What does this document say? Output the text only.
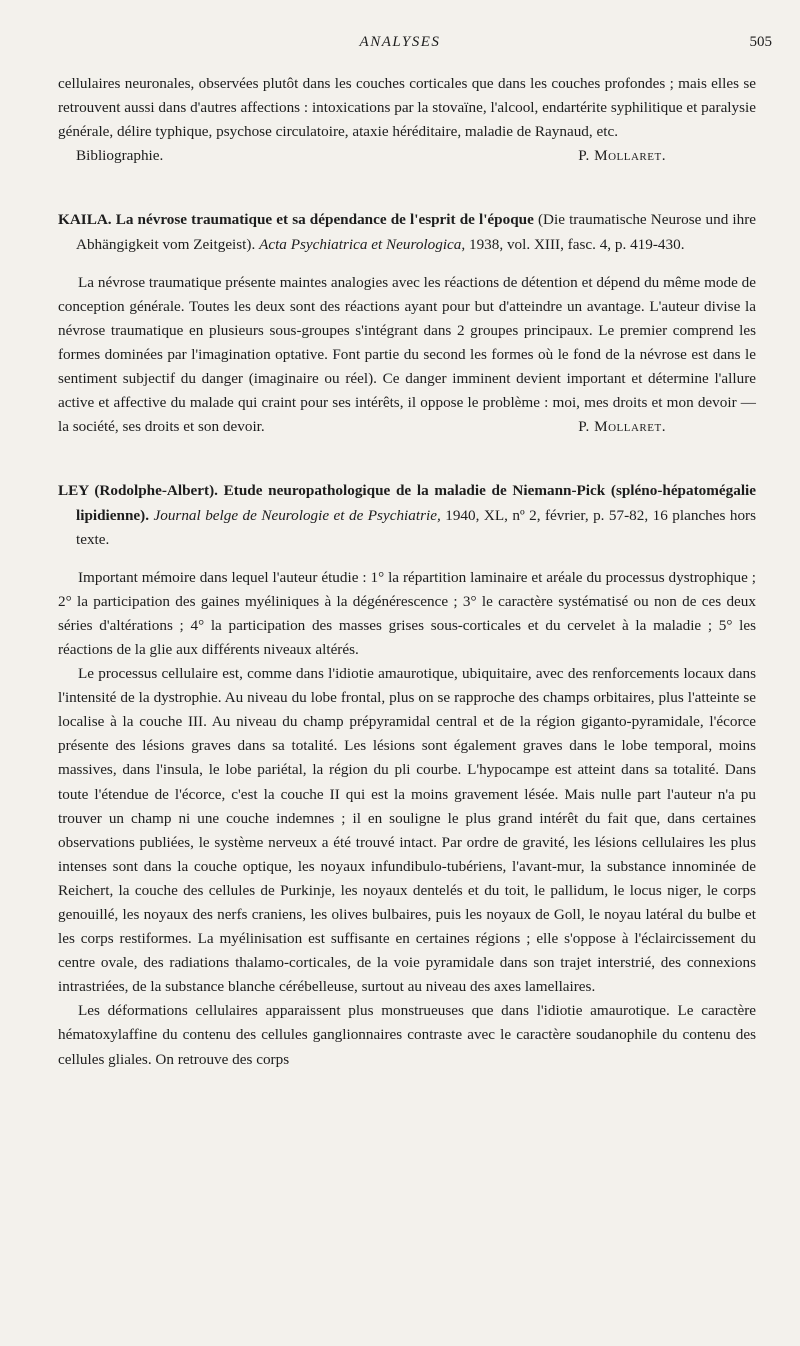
ANALYSES	505

cellulaires neuronales, observées plutôt dans les couches corticales que dans les couches profondes ; mais elles se retrouvent aussi dans d'autres affections : intoxications par la stovaïne, l'alcool, endartérite syphilitique et paralysie générale, délire typhique, psychose circulatoire, ataxie héréditaire, maladie de Raynaud, etc.

Bibliographie.	P. Mollaret.

KAILA. La névrose traumatique et sa dépendance de l'esprit de l'époque (Die traumatische Neurose und ihre Abhängigkeit vom Zeitgeist). Acta Psychiatrica et Neurologica, 1938, vol. XIII, fasc. 4, p. 419-430.

La névrose traumatique présente maintes analogies avec les réactions de détention et dépend du même mode de conception générale. Toutes les deux sont des réactions ayant pour but d'atteindre un avantage. L'auteur divise la névrose traumatique en plusieurs sous-groupes s'intégrant dans 2 groupes principaux. Le premier comprend les formes dominées par l'imagination optative. Font partie du second les formes où le fond de la névrose est dans le sentiment subjectif du danger (imaginaire ou réel). Ce danger imminent devient important et détermine l'allure active et affective du malade qui craint pour ses intérêts, il oppose le problème : moi, mes droits et mon devoir — la société, ses droits et son devoir.	P. Mollaret.

LEY (Rodolphe-Albert). Etude neuropathologique de la maladie de Niemann-Pick (spléno-hépatomégalie lipidienne). Journal belge de Neurologie et de Psychiatrie, 1940, XL, nº 2, février, p. 57-82, 16 planches hors texte.

Important mémoire dans lequel l'auteur étudie : 1° la répartition laminaire et aréale du processus dystrophique ; 2° la participation des gaines myéliniques à la dégénérescence ; 3° le caractère systématisé ou non de ces deux séries d'altérations ; 4° la participation des masses grises sous-corticales et du cervelet à la maladie ; 5° les réactions de la glie aux différents niveaux altérés.

Le processus cellulaire est, comme dans l'idiotie amaurotique, ubiquitaire, avec des renforcements locaux dans l'intensité de la dystrophie. Au niveau du lobe frontal, plus on se rapproche des champs orbitaires, plus l'atteinte se localise à la couche III. Au niveau du champ prépyramidal central et de la région giganto-pyramidale, l'écorce présente des lésions graves dans sa totalité. Les lésions sont également graves dans le lobe temporal, moins massives, dans l'insula, le lobe pariétal, la région du pli courbe. L'hypocampe est atteint dans sa totalité. Dans toute l'étendue de l'écorce, c'est la couche II qui est la moins gravement lésée. Mais nulle part l'auteur n'a pu trouver un champ ni une couche indemnes ; il en souligne le plus grand intérêt du fait que, dans certaines observations publiées, le système nerveux a été trouvé intact. Par ordre de gravité, les lésions cellulaires les plus intenses sont dans la couche optique, les noyaux infundibulo-tubériens, l'avant-mur, la substance innominée de Reichert, la couche des cellules de Purkinje, les noyaux dentelés et du toit, le pallidum, le locus niger, le corps genouillé, les noyaux des nerfs craniens, les olives bulbaires, puis les noyaux de Goll, le noyau latéral du bulbe et les corps restiformes. La myélinisation est suffisante en certaines régions ; elle s'oppose à l'éclaircissement du centre ovale, des radiations thalamo-corticales, de la voie pyramidale dans son trajet interstrié, des connexions intrastriées, de la substance blanche cérébelleuse, surtout au niveau des axes lamellaires.

Les déformations cellulaires apparaissent plus monstrueuses que dans l'idiotie amaurotique. Le caractère hématoxylaffine du contenu des cellules ganglionnaires contraste avec le caractère soudanophile du contenu des cellules gliales. On retrouve des corps
